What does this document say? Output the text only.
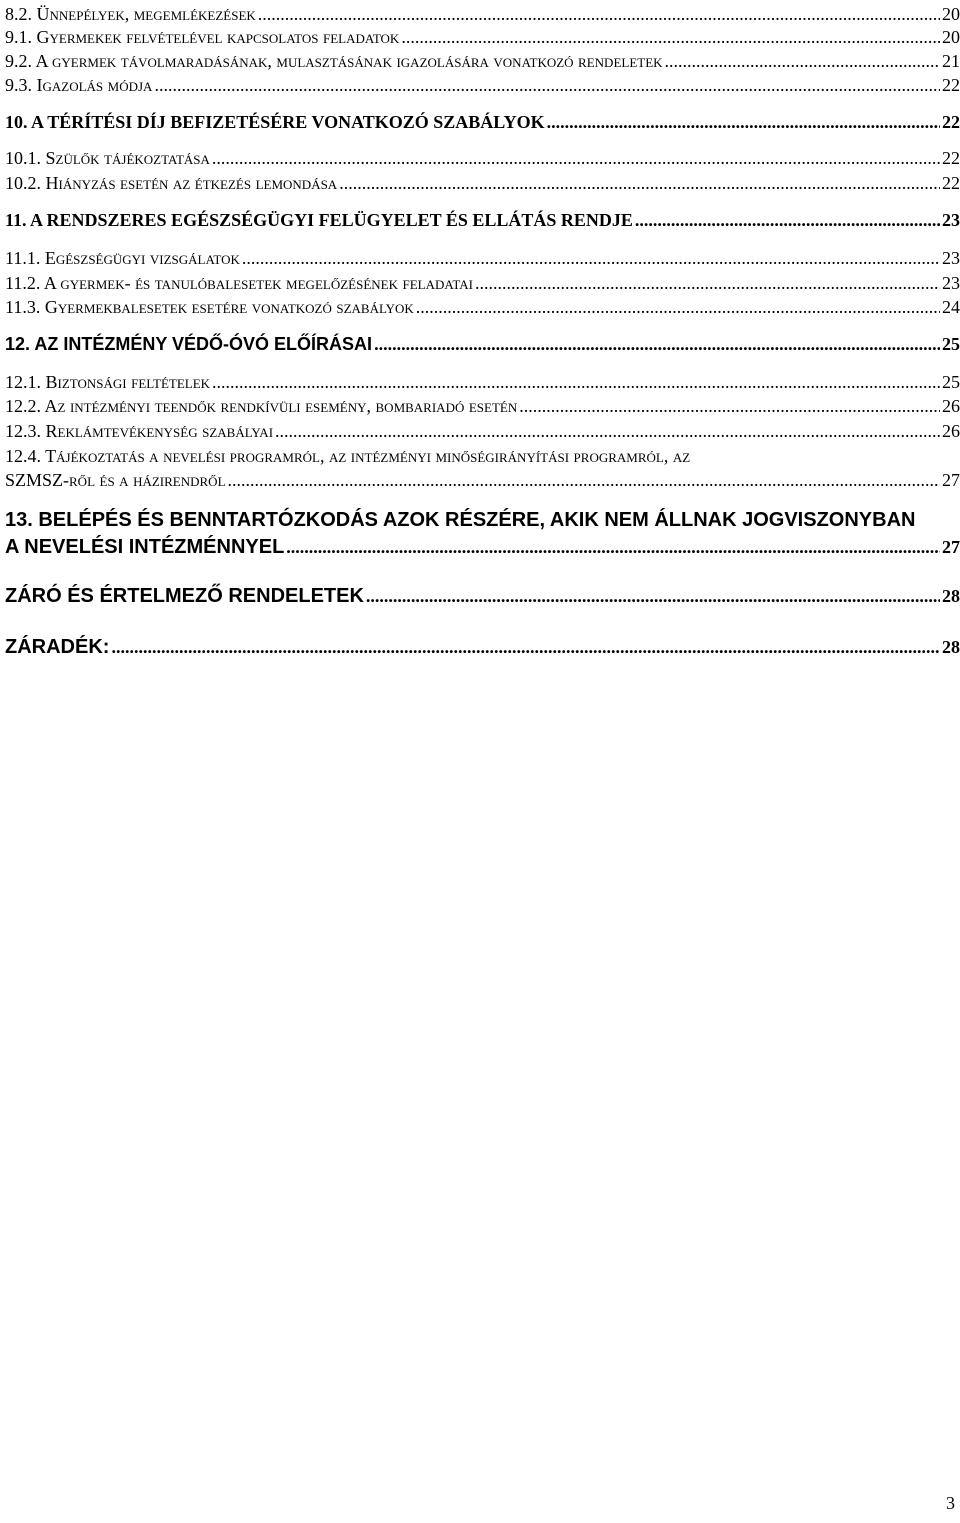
8.2. Ünnepélyek, megemlékezések .....	20
9.1. Gyermekek felvételével kapcsolatos feladatok .....	20
9.2. A gyermek távolmaradásának, mulasztásának igazolására vonatkozó rendeletek .....	21
9.3. Igazolás módja .....	22
10. A TÉRÍTÉSI DÍJ BEFIZETÉSÉRE VONATKOZÓ SZABÁLYOK .....	22
10.1. Szülők tájékoztatása .....	22
10.2. Hiányzás esetén az étkezés lemondása .....	22
11. A RENDSZERES EGÉSZSÉGÜGYI FELÜGYELET ÉS ELLÁTÁS RENDJE .....	23
11.1. Egészségügyi vizsgálatok .....	23
11.2. A gyermek- és tanulóbalesetek megelőzésének feladatai .....	23
11.3. Gyermekbalesetek esetére vonatkozó szabályok .....	24
12. AZ INTÉZMÉNY VÉDŐ-ÓVÓ ELŐÍRÁSAI .....	25
12.1. Biztonsági feltételek .....	25
12.2. Az intézményi teendők rendkívüli esemény, bombariadó esetén .....	26
12.3. Reklámtevékenység szabályai .....	26
12.4. Tájékoztatás a nevelési programról, az intézményi minőségirányítási programról, az
SZMSZ-ről és a házirendről .....	27
13. BELÉPÉS ÉS BENNTARTÓZKODÁS AZOK RÉSZÉRE, AKIK NEM ÁLLNAK JOGVISZONYBAN
A NEVELÉSI INTÉZMÉNNYEL .....	27
ZÁRÓ ÉS ÉRTELMEZŐ RENDELETEK .....	28
ZÁRADÉK: .....	28
3
